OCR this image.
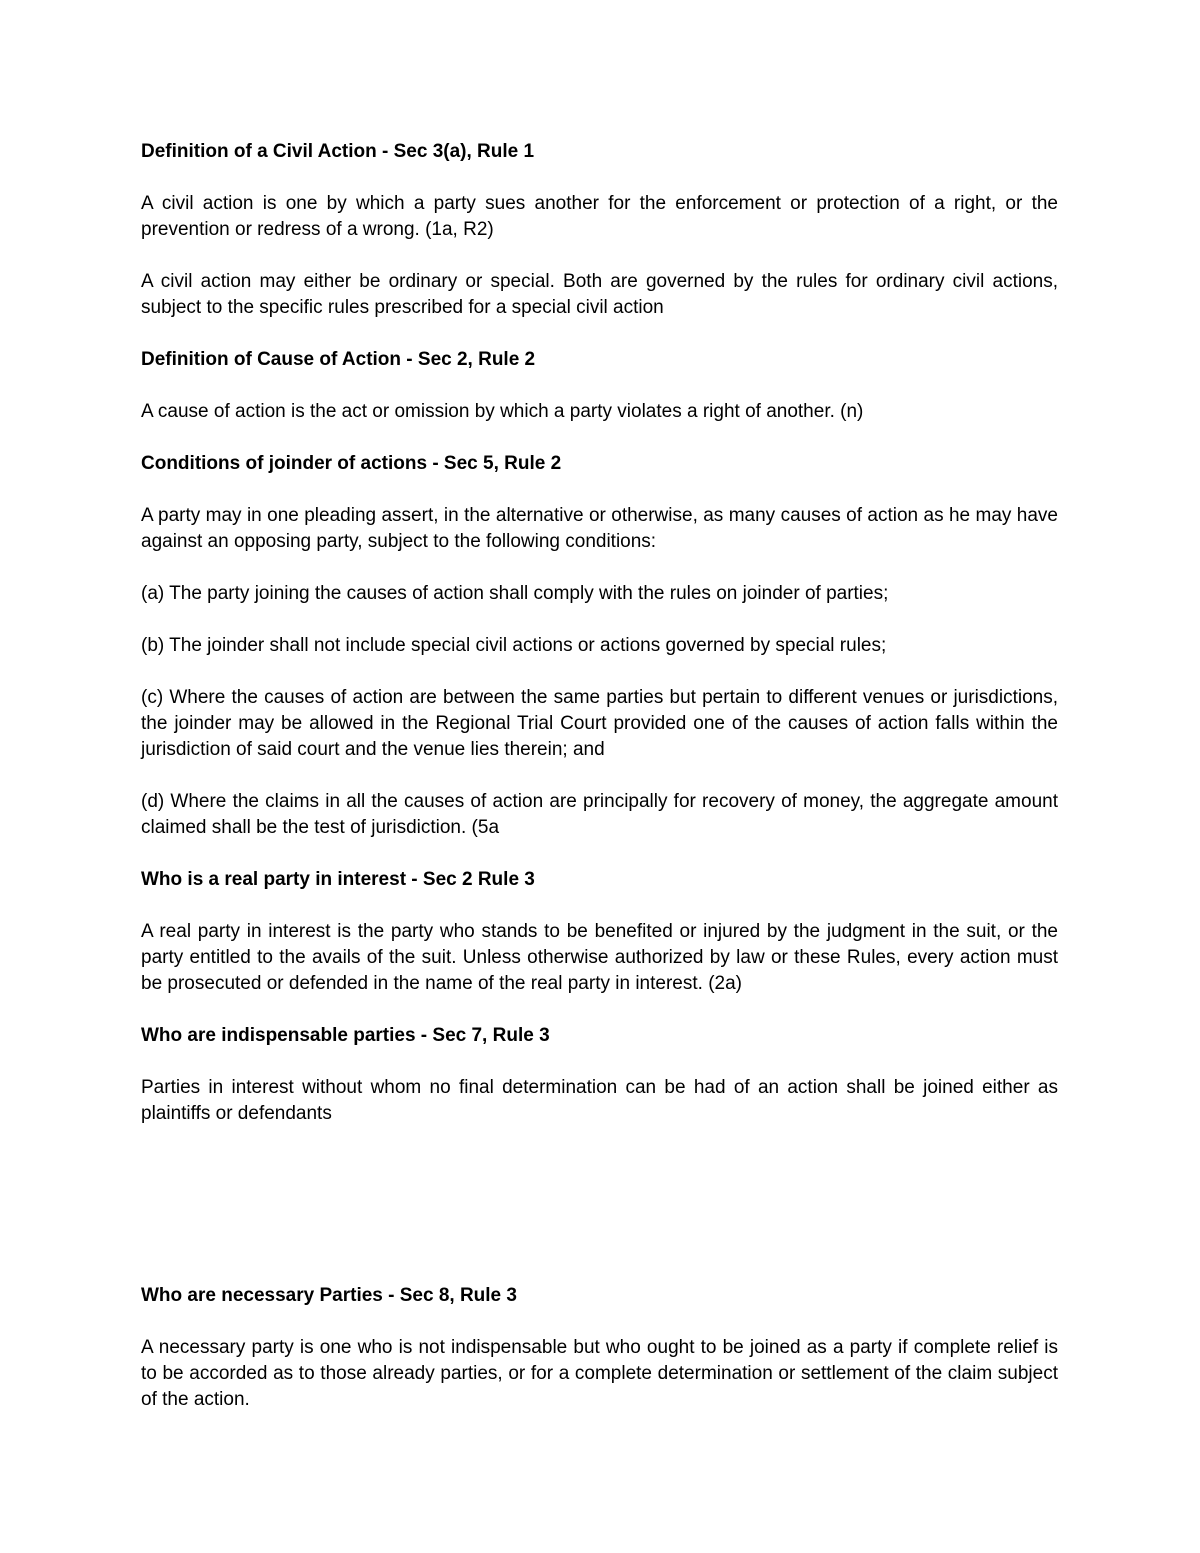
Definition of a Civil Action - Sec 3(a), Rule 1
A civil action is one by which a party sues another for the enforcement or protection of a right, or the prevention or redress of a wrong. (1a, R2)
A civil action may either be ordinary or special. Both are governed by the rules for ordinary civil actions, subject to the specific rules prescribed for a special civil action
Definition of Cause of Action - Sec 2, Rule 2
A cause of action is the act or omission by which a party violates a right of another. (n)
Conditions of joinder of actions - Sec 5, Rule 2
A party may in one pleading assert, in the alternative or otherwise, as many causes of action as he may have against an opposing party, subject to the following conditions:
(a) The party joining the causes of action shall comply with the rules on joinder of parties;
(b) The joinder shall not include special civil actions or actions governed by special rules;
(c) Where the causes of action are between the same parties but pertain to different venues or jurisdictions, the joinder may be allowed in the Regional Trial Court provided one of the causes of action falls within the jurisdiction of said court and the venue lies therein; and
(d) Where the claims in all the causes of action are principally for recovery of money, the aggregate amount claimed shall be the test of jurisdiction. (5a
Who is a real party in interest - Sec 2 Rule 3
A real party in interest is the party who stands to be benefited or injured by the judgment in the suit, or the party entitled to the avails of the suit. Unless otherwise authorized by law or these Rules, every action must be prosecuted or defended in the name of the real party in interest. (2a)
Who are indispensable parties - Sec 7, Rule 3
Parties in interest without whom no final determination can be had of an action shall be joined either as plaintiffs or defendants
Who are necessary Parties - Sec 8, Rule 3
A necessary party is one who is not indispensable but who ought to be joined as a party if complete relief is to be accorded as to those already parties, or for a complete determination or settlement of the claim subject of the action.
